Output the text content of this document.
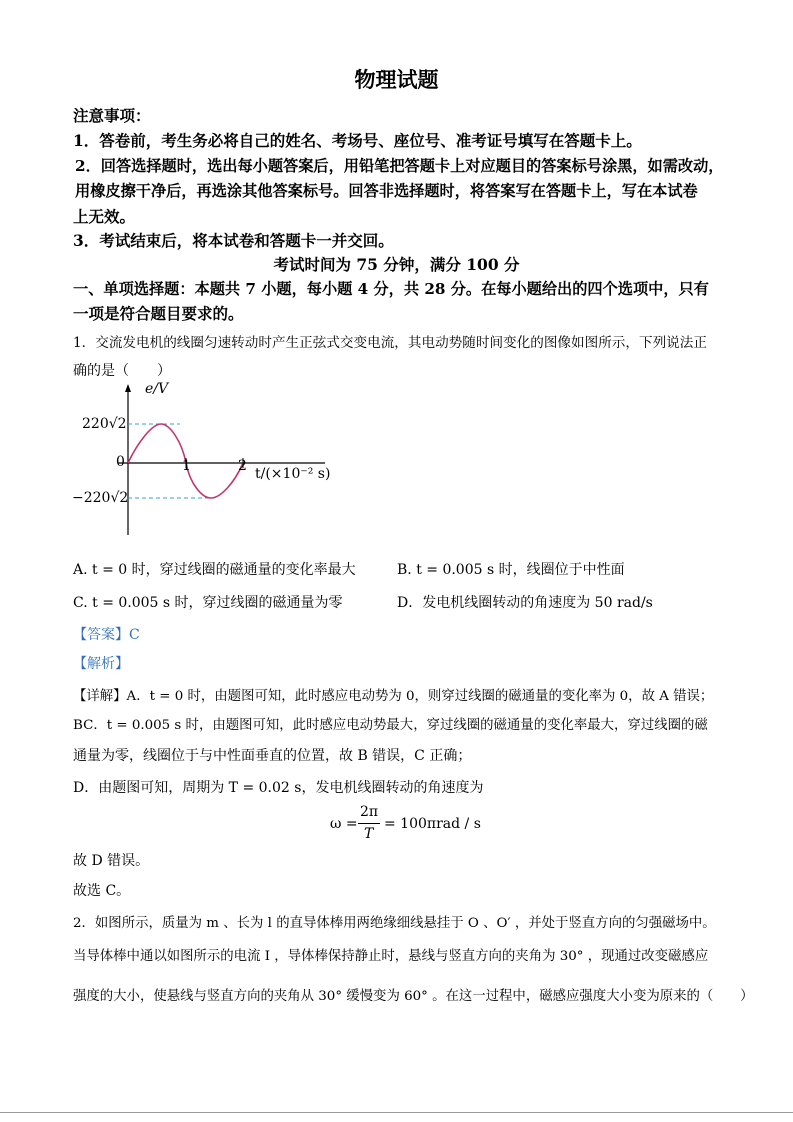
物理试题
注意事项：
1．答卷前，考生务必将自己的姓名、考场号、座位号、准考证号填写在答题卡上。
2．回答选择题时，选出每小题答案后，用铅笔把答题卡上对应题目的答案标号涂黑，如需改动，
用橡皮擦干净后，再选涂其他答案标号。回答非选择题时，将答案写在答题卡上，写在本试卷
上无效。
3．考试结束后，将本试卷和答题卡一并交回。
考试时间为 75 分钟，满分 100 分
一、单项选择题：本题共 7 小题，每小题 4 分，共 28 分。在每小题给出的四个选项中，只有
一项是符合题目要求的。
1．交流发电机的线圈匀速转动时产生正弦式交变电流，其电动势随时间变化的图像如图所示，下列说法正
确的是（　　）
e/V
220√2
0	1	2 t/(×10⁻² s)
−220√2
A. t = 0 时，穿过线圈的磁通量的变化率最大	B. t = 0.005 s 时，线圈位于中性面
C. t = 0.005 s 时，穿过线圈的磁通量为零	D．发电机线圈转动的角速度为 50 rad/s
【答案】C
【解析】
【详解】A．t = 0 时，由题图可知，此时感应电动势为 0，则穿过线圈的磁通量的变化率为 0，故 A 错误；
BC．t = 0.005 s 时，由题图可知，此时感应电动势最大，穿过线圈的磁通量的变化率最大，穿过线圈的磁
通量为零，线圈位于与中性面垂直的位置，故 B 错误，C 正确；
D．由题图可知，周期为 T = 0.02 s，发电机线圈转动的角速度为
ω =
2π
T
= 100πrad / s
故 D 错误。
故选 C。
2．如图所示，质量为 m 、长为 l 的直导体棒用两绝缘细线悬挂于 O 、O′ ，并处于竖直方向的匀强磁场中。
当导体棒中通以如图所示的电流 I ，导体棒保持静止时，悬线与竖直方向的夹角为 30° ，现通过改变磁感应
强度的大小，使悬线与竖直方向的夹角从 30° 缓慢变为 60° 。在这一过程中，磁感应强度大小变为原来的（　　）
